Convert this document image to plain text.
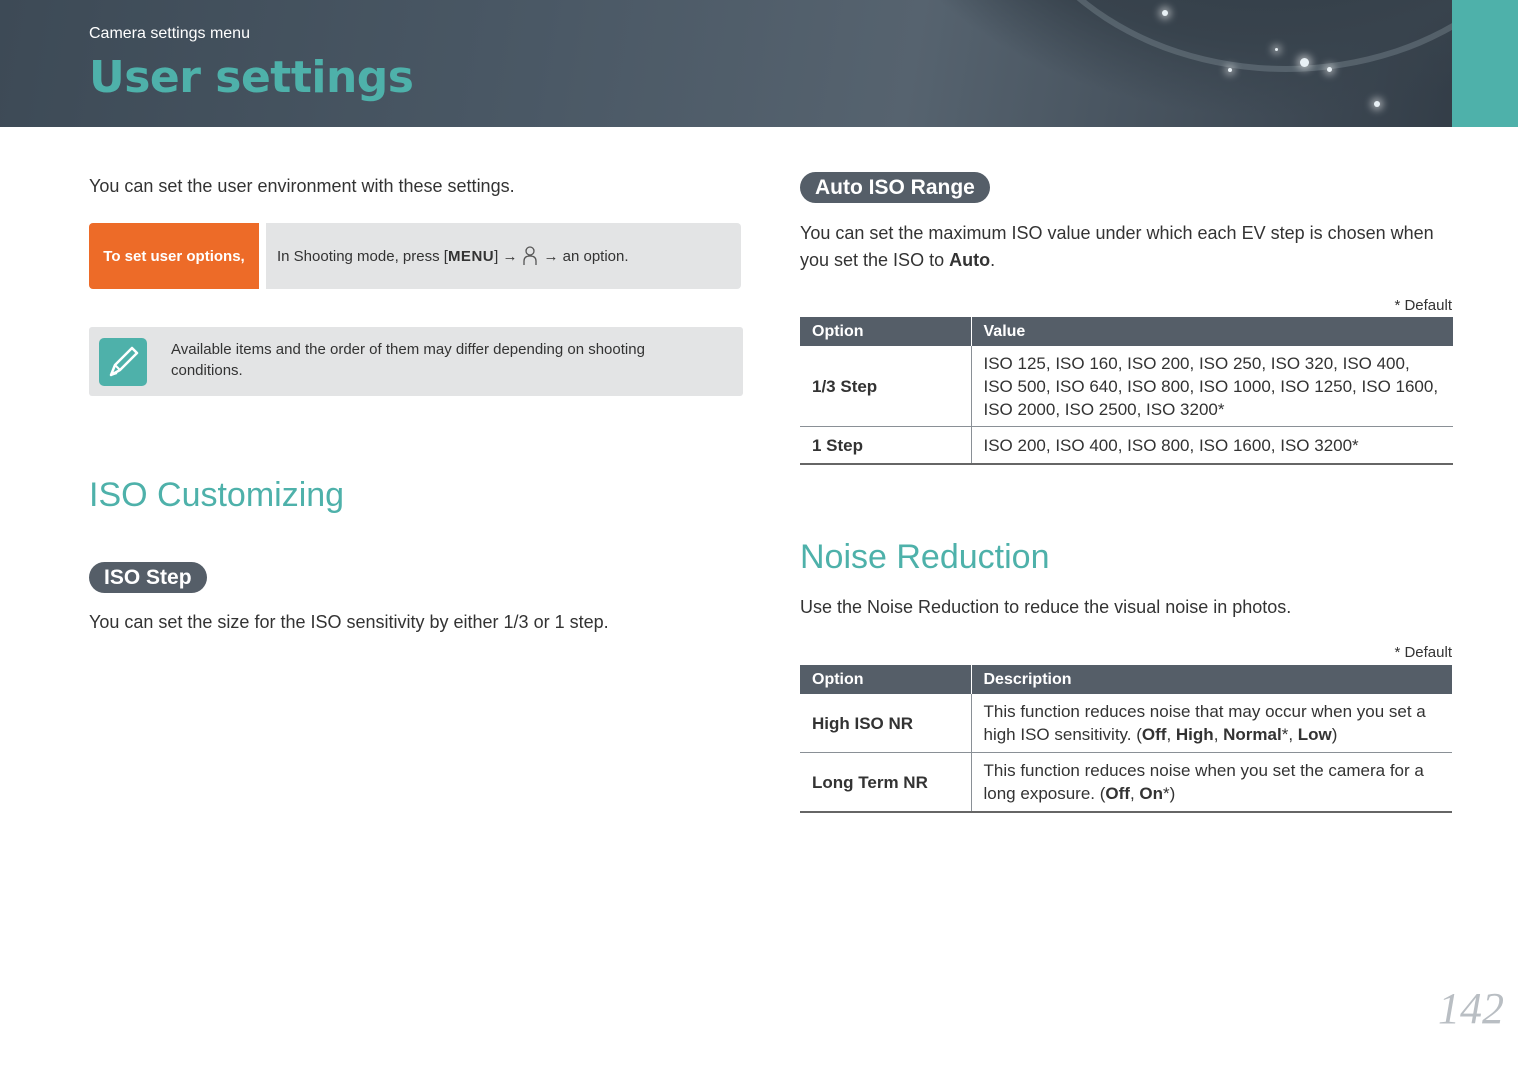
Camera settings menu
User settings

You can set the user environment with these settings.

To set user options,	In Shooting mode, press [ MENU ] → → an option.
Available items and the order of them may differ depending on shooting conditions.
ISO Customizing
ISO Step

You can set the size for the ISO sensitivity by either 1/3 or 1 step.

Auto ISO Range

You can set the maximum ISO value under which each EV step is chosen when you set the ISO to Auto.

* Default
Option	Value
1/3 Step	ISO 125, ISO 160, ISO 200, ISO 250, ISO 320, ISO 400, ISO 500, ISO 640, ISO 800, ISO 1000, ISO 1250, ISO 1600, ISO 2000, ISO 2500, ISO 3200*
1 Step	ISO 200, ISO 400, ISO 800, ISO 1600, ISO 3200*
Noise Reduction

Use the Noise Reduction to reduce the visual noise in photos.

* Default
Option	Description
High ISO NR	This function reduces noise that may occur when you set a high ISO sensitivity. (Off, High, Normal*, Low)
Long Term NR	This function reduces noise when you set the camera for a long exposure. (Off, On*)
142
